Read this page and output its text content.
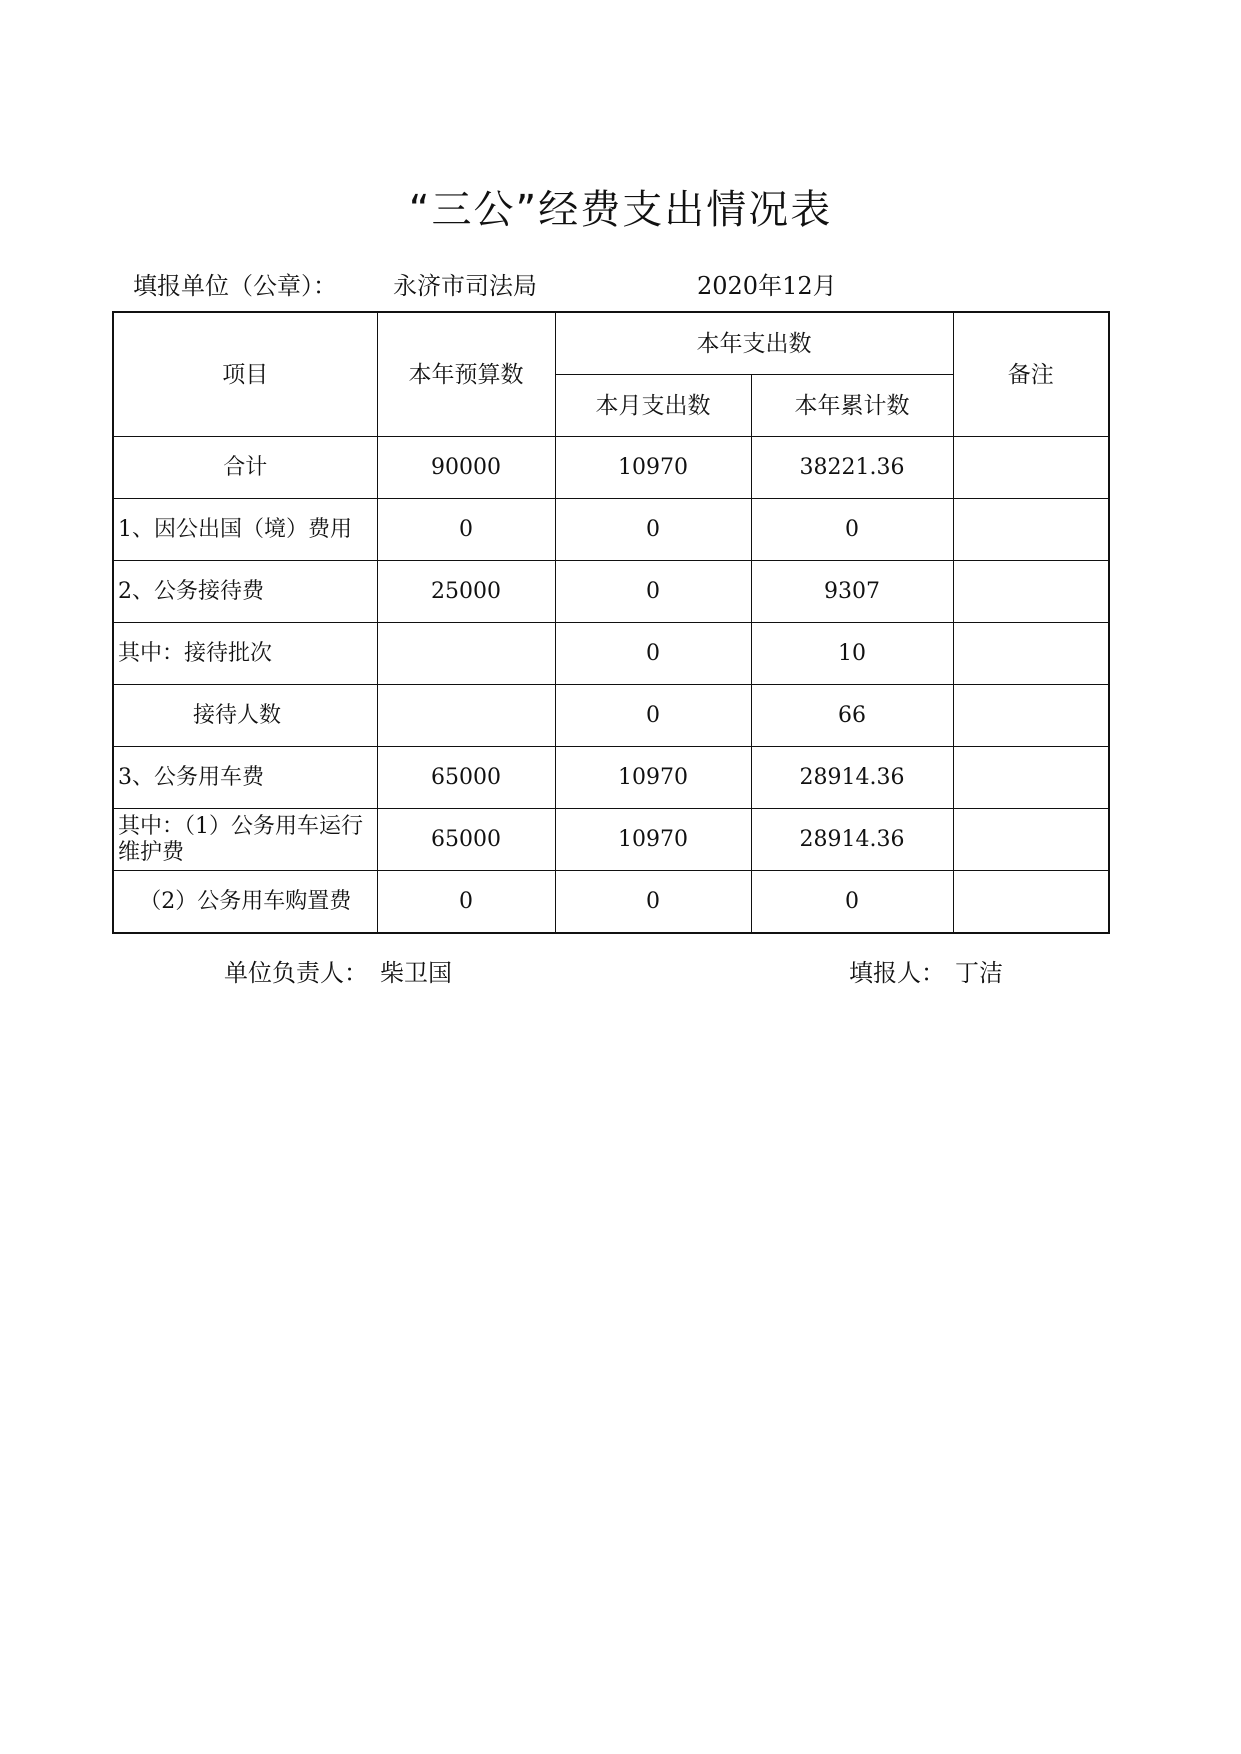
“三公”经费支出情况表
填报单位（公章）： 永济市司法局	2020年12月
项目	本年预算数	本年支出数		备注
		本月支出数	本年累计数	
合计	90000	10970	38221.36	
1、因公出国（境）费用	0	0	0	
2、公务接待费	25000	0	9307	
其中：接待批次		0	10	
接待人数		0	66	
3、公务用车费	65000	10970	28914.36	
其中：（1）公务用车运行维护费	65000	10970	28914.36	
（2）公务用车购置费	0	0	0	
单位负责人： 柴卫国	填报人： 丁洁
